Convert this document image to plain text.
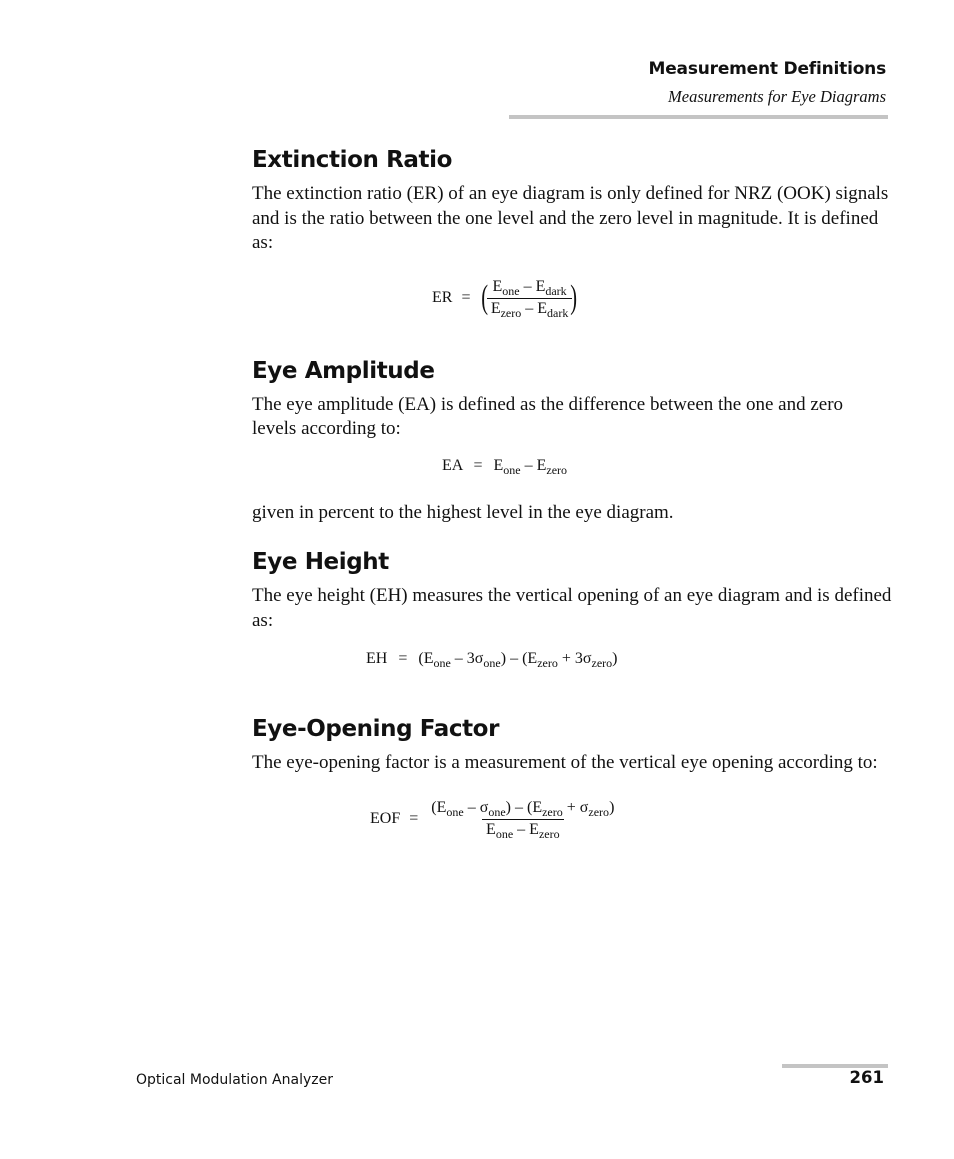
Measurement Definitions
Measurements for Eye Diagrams
Extinction Ratio

The extinction ratio (ER) of an eye diagram is only defined for NRZ (OOK) signals and is the ratio between the one level and the zero level in magnitude. It is defined as:

ER = (
$\frac{E_{one} - E_{dark}}{E_{zero} - E_{dark}}$
)
Eye Amplitude

The eye amplitude (EA) is defined as the difference between the one and zero levels according to:

EA = $E_{one} - E_{zero}$

given in percent to the highest level in the eye diagram.

Eye Height

The eye height (EH) measures the vertical opening of an eye diagram and is defined as:

EH = $(E_{one} - 3\sigma_{one}) - (E_{zero} + 3\sigma_{zero})$
Eye-Opening Factor

The eye-opening factor is a measurement of the vertical eye opening according to:

EOF = $\frac{(E_{one} - \sigma_{one}) - (E_{zero} + \sigma_{zero})}{E_{one} - E_{zero}}$
Optical Modulation Analyzer	261
